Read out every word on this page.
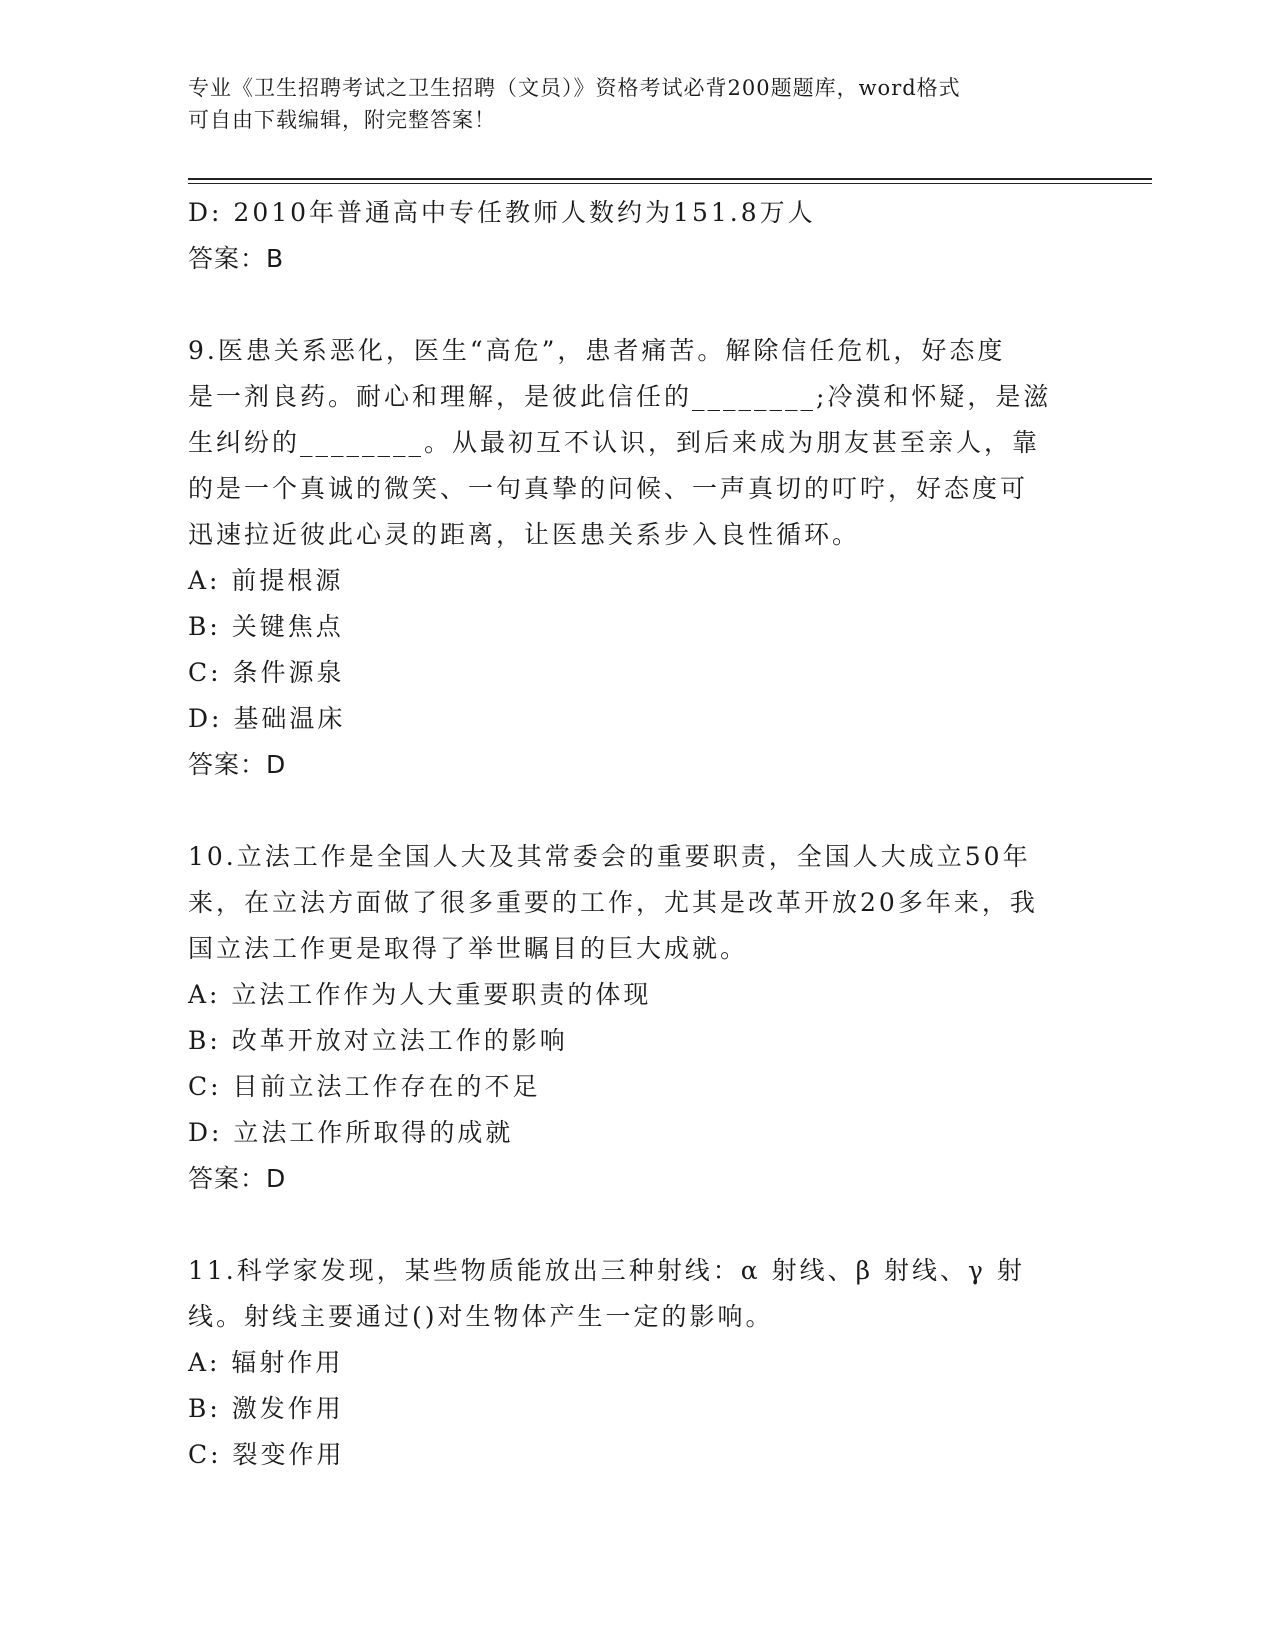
专业《卫生招聘考试之卫生招聘（文员）》资格考试必背200题题库，word格式
可自由下载编辑，附完整答案！
D: 2010年普通高中专任教师人数约为151.8万人
答案：B
9.医患关系恶化，医生“高危”，患者痛苦。解除信任危机，好态度
是一剂良药。耐心和理解，是彼此信任的________;冷漠和怀疑，是滋
生纠纷的________。从最初互不认识，到后来成为朋友甚至亲人，靠
的是一个真诚的微笑、一句真挚的问候、一声真切的叮咛，好态度可
迅速拉近彼此心灵的距离，让医患关系步入良性循环。
A: 前提根源
B: 关键焦点
C: 条件源泉
D: 基础温床
答案：D
10.立法工作是全国人大及其常委会的重要职责，全国人大成立50年
来，在立法方面做了很多重要的工作，尤其是改革开放20多年来，我
国立法工作更是取得了举世瞩目的巨大成就。
A: 立法工作作为人大重要职责的体现
B: 改革开放对立法工作的影响
C: 目前立法工作存在的不足
D: 立法工作所取得的成就
答案：D
11.科学家发现，某些物质能放出三种射线：α 射线、β 射线、γ 射
线。射线主要通过()对生物体产生一定的影响。
A: 辐射作用
B: 激发作用
C: 裂变作用
